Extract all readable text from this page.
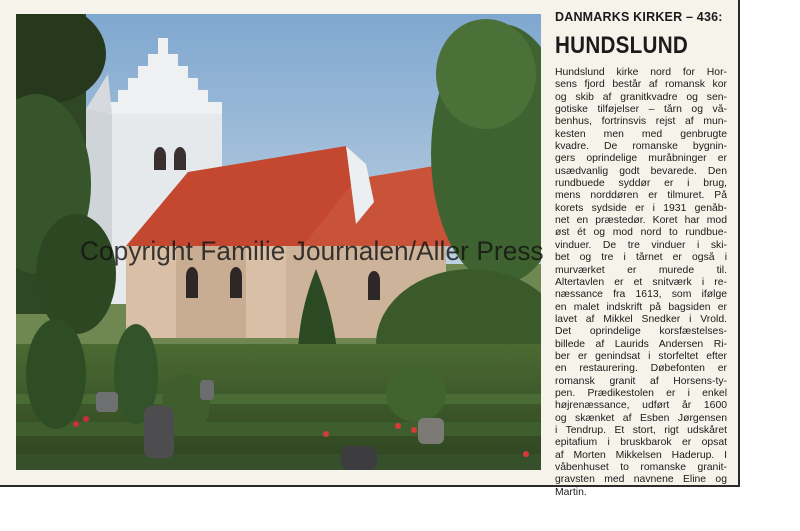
Copyright Familie Journalen/Aller Press
DANMARKS KIRKER – 436:
HUNDSLUND
Hundslund kirke nord for Hor-
sens fjord består af romansk kor
og skib af granitkvadre og sen-
gotiske tilføjelser – tårn og vå-
benhus, fortrinsvis rejst af mun-
kesten men med genbrugte
kvadre. De romanske bygnin-
gers oprindelige muråbninger er
usædvanlig godt bevarede. Den
rundbuede syddør er i brug,
mens norddøren er tilmuret. På
korets sydside er i 1931 genåb-
net en præstedør. Koret har mod
øst ét og mod nord to rundbue-
vinduer. De tre vinduer i ski-
bet og tre i tårnet er også i
murværket er murede til.
Altertavlen er et snitværk i re-
næssance fra 1613, som ifølge
en malet indskrift på bagsiden er
lavet af Mikkel Snedker i Vrold.
Det oprindelige korsfæstelses-
billede af Laurids Andersen Ri-
ber er genindsat i storfeltet efter
en restaurering. Døbefonten er
romansk granit af Horsens-ty-
pen. Prædikestolen er i enkel
højrenæssance, udført år 1600
og skænket af Esben Jørgensen
i Tendrup. Et stort, rigt udskåret
epitafium i bruskbarok er opsat
af Morten Mikkelsen Haderup. I
våbenhuset to romanske granit-
gravsten med navnene Eline og
Martin.
